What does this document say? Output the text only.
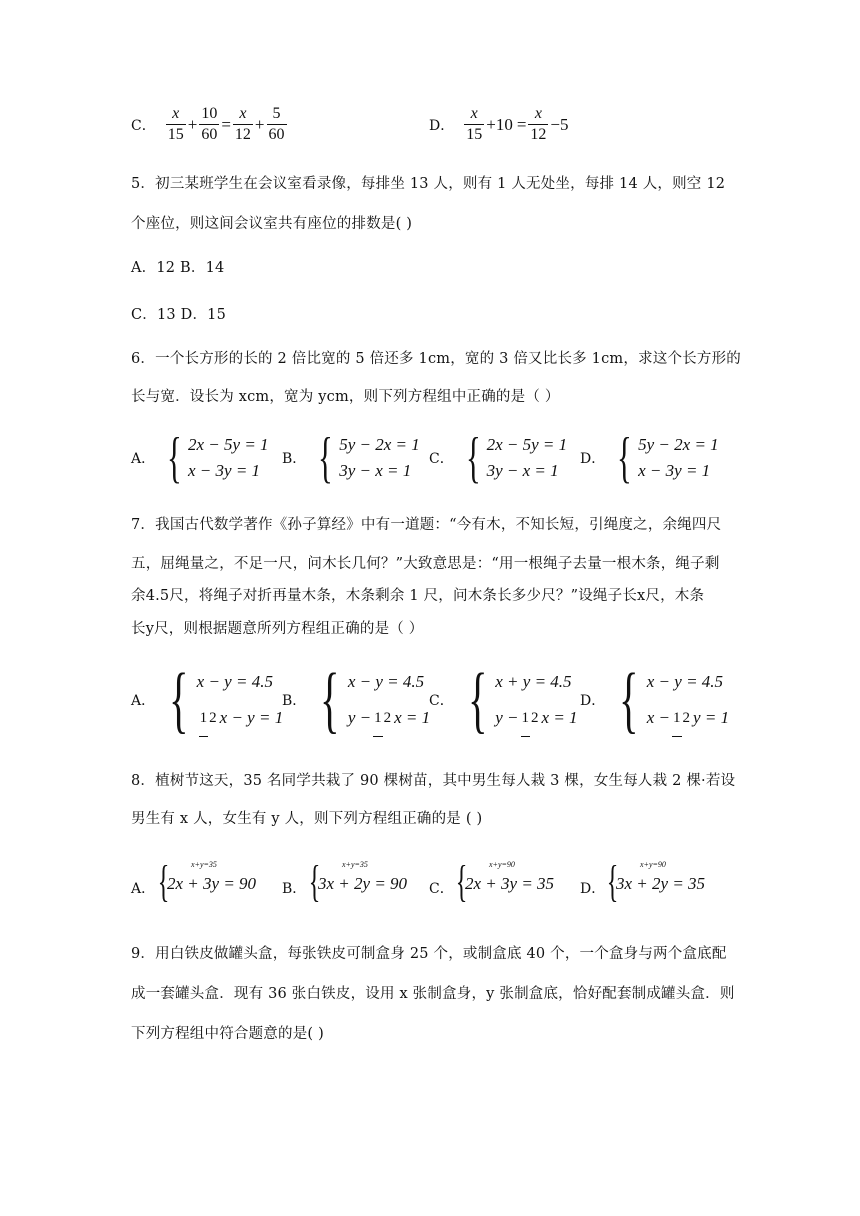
C． $\frac{x}{15} + \frac{10}{60} = \frac{x}{12} + \frac{5}{60}$	D． $\frac{x}{15} +10 = \frac{x}{12} -5$
5．初三某班学生在会议室看录像，每排坐 13 人，则有 1 人无处坐，每排 14 人，则空 12
个座位，则这间会议室共有座位的排数是( )
A．12 B．14
C．13 D．15
6．一个长方形的长的 2 倍比宽的 5 倍还多 1cm，宽的 3 倍又比长多 1cm，求这个长方形的
长与宽．设长为 xcm，宽为 ycm，则下列方程组中正确的是（ ）
A． { 2x − 5y = 1
x − 3y = 1
B． { 5y − 2x = 1
3y − x = 1
C． { 2x − 5y = 1
3y − x = 1
D． { 5y − 2x = 1
x − 3y = 1
7．我国古代数学著作《孙子算经》中有一道题：“今有木，不知长短，引绳度之，余绳四尺
五，屈绳量之，不足一尺，问木长几何？”大致意思是：“用一根绳子去量一根木条，绳子剩
余4.5尺，将绳子对折再量木条，木条剩余 1 尺，问木条长多少尺？”设绳子长x尺，木条
长y尺，则根据题意所列方程组正确的是（ ）
A． { x − y = 4.5
1 2 x − y = 1
B． { x − y = 4.5
y − 1 2 x = 1
C． { x + y = 4.5
y − 1 2 x = 1
D． { x − y = 4.5
x − 1 2 y = 1
8．植树节这天，35 名同学共栽了 90 棵树苗，其中男生每人栽 3 棵，女生每人栽 2 棵·若设
男生有 x 人，女生有 y 人，则下列方程组正确的是 ( )
A． {	x+y=35
2x + 3y = 90 B． {	x+y=35
3x + 2y = 90 C． {	x+y=90
2x + 3y = 35 D． {	x+y=90
3x + 2y = 35
9．用白铁皮做罐头盒，每张铁皮可制盒身 25 个，或制盒底 40 个，一个盒身与两个盒底配
成一套罐头盒．现有 36 张白铁皮，设用 x 张制盒身，y 张制盒底，恰好配套制成罐头盒．则
下列方程组中符合题意的是( )
